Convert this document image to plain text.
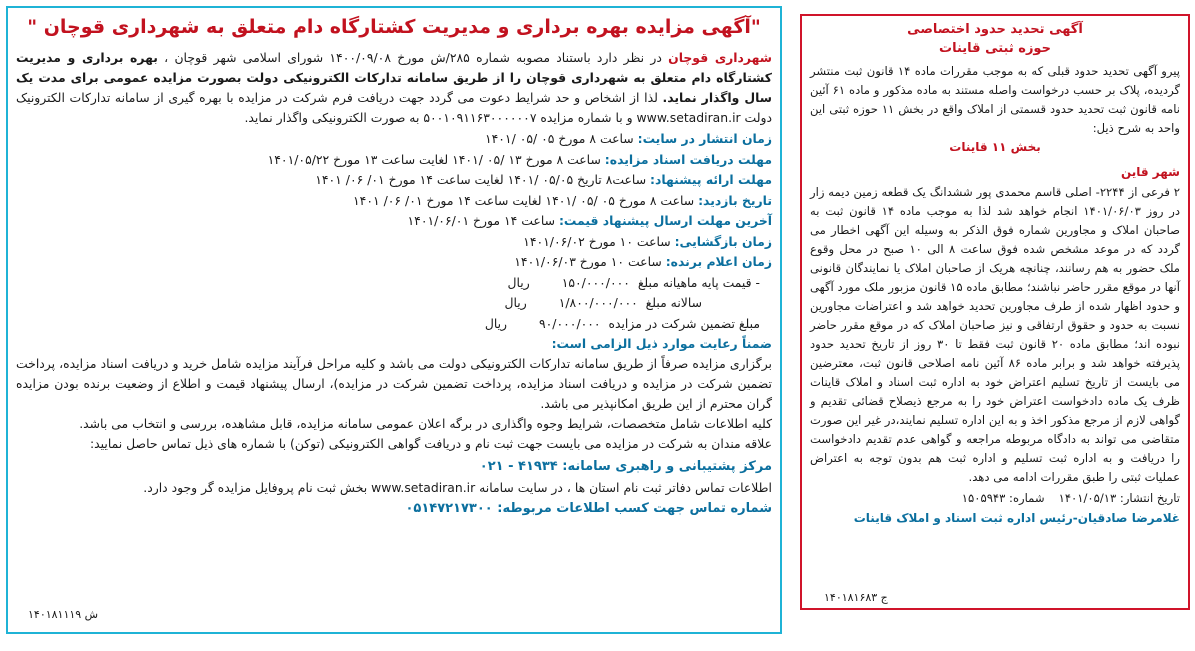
"آگهی مزایده بهره برداری و مدیریت کشتارگاه دام متعلق به شهرداری قوچان "

شهرداری قوچان در نظر دارد باستناد مصوبه شماره ۲۸۵/ش مورخ ۱۴۰۰/۰۹/۰۸ شورای اسلامی شهر قوچان ، بهره برداری و مدیریت کشتارگاه دام متعلق به شهرداری قوچان را از طریق سامانه تدارکات الکترونیکی دولت بصورت مزایده عمومی برای مدت یک سال واگذار نماید. لذا از اشخاص و حد شرایط دعوت می گردد جهت دریافت فرم شرکت در مزایده با بهره گیری از سامانه تدارکات الکترونیک دولت www.setadiran.ir و با شماره مزایده ۵۰۰۱۰۹۱۱۶۳۰۰۰۰۰۰۷ به صورت الکترونیکی واگذار نماید.

زمان انتشار در سایت: ساعت ۸ مورخ ۰۵ /۰۵ /۱۴۰۱
مهلت دریافت اسناد مزایده: ساعت ۸ مورخ ۱۳ /۰۵ /۱۴۰۱ لغایت ساعت ۱۳ مورخ ۱۴۰۱/۰۵/۲۲
مهلت ارائه پیشنهاد: ساعت۸ تاریخ ۰۵/۰۵ /۱۴۰۱ لغایت ساعت ۱۴ مورخ ۰۱/ ۰۶/ ۱۴۰۱
تاریخ بازدید: ساعت ۸ مورخ ۰۵ /۰۵ /۱۴۰۱ لغایت ساعت ۱۴ مورخ ۰۱/ ۰۶/ ۱۴۰۱
آخرین مهلت ارسال پیشنهاد قیمت: ساعت ۱۴ مورخ ۱۴۰۱/۰۶/۰۱
زمان بازگشایی: ساعت ۱۰ مورخ ۱۴۰۱/۰۶/۰۲
زمان اعلام برنده: ساعت ۱۰ مورخ ۱۴۰۱/۰۶/۰۳
- قیمت پایه ماهیانه مبلغ  ۱۵۰/۰۰۰/۰۰۰ ریال
سالانه مبلغ  ۱/۸۰۰/۰۰۰/۰۰۰ ریال
مبلغ تضمین شرکت در مزایده  ۹۰/۰۰۰/۰۰۰ ریال
ضمناً رعایت موارد ذیل الزامی است:

برگزاری مزایده صرفاً از طریق سامانه تدارکات الکترونیکی دولت می باشد و کلیه مراحل فرآیند مزایده شامل خرید و دریافت اسناد مزایده، پرداخت تضمین شرکت در مزایده و دریافت اسناد مزایده، پرداخت تضمین شرکت در مزایده)، ارسال پیشنهاد قیمت و اطلاع از وضعیت برنده بودن مزایده گران محترم از این طریق امکانپذیر می باشد.

کلیه اطلاعات شامل متخصصات، شرایط وجوه واگذاری در برگه اعلان عمومی سامانه مزایده، قابل مشاهده، بررسی و انتخاب می باشد.

علاقه مندان به شرکت در مزایده می بایست جهت ثبت نام و دریافت گواهی الکترونیکی (توکن) با شماره های ذیل تماس حاصل نمایید:

مرکز پشتیبانی و راهبری سامانه: ۴۱۹۳۴ - ۰۲۱
اطلاعات تماس دفاتر ثبت نام استان ها ، در سایت سامانه www.setadiran.ir بخش ثبت نام پروفایل مزایده گر وجود دارد.
شماره تماس جهت کسب اطلاعات مربوطه: ۰۵۱۴۷۲۱۷۳۰۰
ش ۱۴۰۱۸۱۱۱۹
آگهی تحدید حدود اختصاصی
حوزه ثبتی قاینات

پیرو آگهی تحدید حدود قبلی که به موجب مقررات ماده ۱۴ قانون ثبت منتشر گردیده، پلاک بر حسب درخواست واصله مستند به ماده مذکور و ماده ۶۱ آئین نامه قانون ثبت تحدید حدود قسمتی از املاک واقع در بخش ۱۱ حوزه ثبتی این واحد به شرح ذیل:

بخش ۱۱ قاینات
شهر قاین

۲ فرعی از ۲۲۴۴- اصلی قاسم محمدی پور ششدانگ یک قطعه زمین دیمه زار در روز ۱۴۰۱/۰۶/۰۳ انجام خواهد شد لذا به موجب ماده ۱۴ قانون ثبت به صاحبان املاک و مجاورین شماره فوق الذکر به وسیله این آگهی اخطار می گردد که در موعد مشخص شده فوق ساعت ۸ الی ۱۰ صبح در محل وقوع ملک حضور به هم رسانند، چنانچه هریک از صاحبان املاک یا نمایندگان قانونی آنها در موقع مقرر حاضر نباشند؛ مطابق ماده ۱۵ قانون مزبور ملک مورد آگهی و حدود اظهار شده از طرف مجاورین تحدید خواهد شد و اعتراضات مجاورین نسبت به حدود و حقوق ارتفاقی و نیز صاحبان املاک که در موقع مقرر حاضر نبوده اند؛ مطابق ماده ۲۰ قانون ثبت فقط تا ۳۰ روز از تاریخ تحدید حدود پذیرفته خواهد شد و برابر ماده ۸۶ آئین نامه اصلاحی قانون ثبت، معترضین می بایست از تاریخ تسلیم اعتراض خود به اداره ثبت اسناد و املاک قاینات ظرف یک ماده دادخواست اعتراض خود را به مرجع ذیصلاح قضائی تقدیم و گواهی لازم از مرجع مذکور اخذ و به این اداره تسلیم نمایند،در غیر این صورت متقاضی می تواند به دادگاه مربوطه مراجعه و گواهی عدم تقدیم دادخواست را دریافت و به اداره ثبت تسلیم و اداره ثبت هم بدون توجه به اعتراض عملیات ثبتی را طبق مقررات ادامه می دهد.

تاریخ انتشار: ۱۴۰۱/۰۵/۱۳شماره: ۱۵۰۵۹۴۳
غلامرضا صادقیان-رئیس اداره ثبت اسناد و املاک قاینات
ج ۱۴۰۱۸۱۶۸۳
